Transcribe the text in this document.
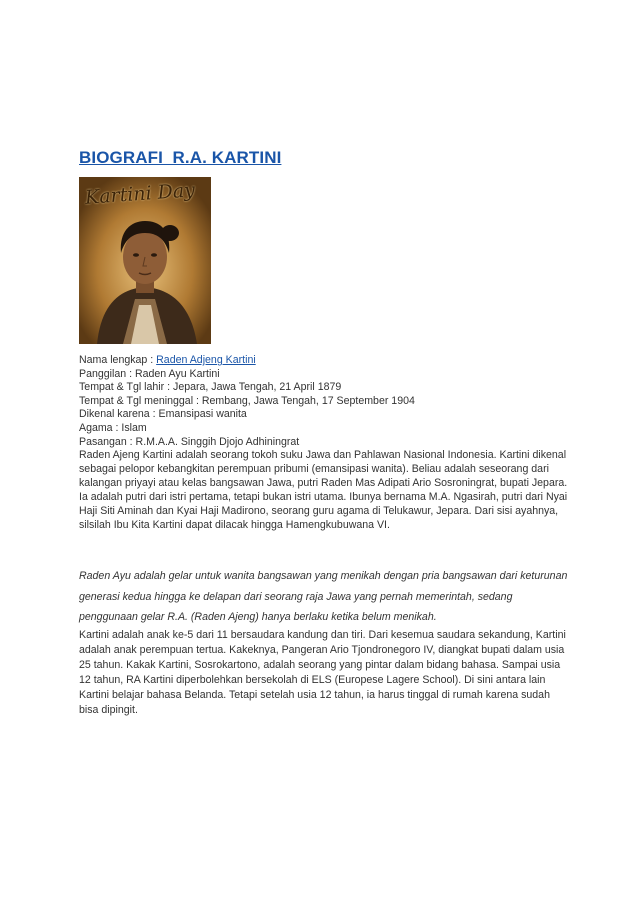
BIOGRAFI  R.A. KARTINI
Kartini Day
Nama lengkap : Raden Adjeng Kartini
Panggilan : Raden Ayu Kartini
Tempat & Tgl lahir : Jepara, Jawa Tengah, 21 April 1879
Tempat & Tgl meninggal : Rembang, Jawa Tengah, 17 September 1904
Dikenal karena : Emansipasi wanita
Agama : Islam
Pasangan : R.M.A.A. Singgih Djojo Adhiningrat

Raden Ajeng Kartini adalah seorang tokoh suku Jawa dan Pahlawan Nasional Indonesia. Kartini dikenal sebagai pelopor kebangkitan perempuan pribumi (emansipasi wanita). Beliau adalah seseorang dari kalangan priyayi atau kelas bangsawan Jawa, putri Raden Mas Adipati Ario Sosroningrat, bupati Jepara. Ia adalah putri dari istri pertama, tetapi bukan istri utama. Ibunya bernama M.A. Ngasirah, putri dari Nyai Haji Siti Aminah dan Kyai Haji Madirono, seorang guru agama di Telukawur, Jepara. Dari sisi ayahnya, silsilah Ibu Kita Kartini dapat dilacak hingga Hamengkubuwana VI.

Raden Ayu adalah gelar untuk wanita bangsawan yang menikah dengan pria bangsawan dari keturunan generasi kedua hingga ke delapan dari seorang raja Jawa yang pernah memerintah, sedang penggunaan gelar R.A. (Raden Ajeng) hanya berlaku ketika belum menikah.

Kartini adalah anak ke-5 dari 11 bersaudara kandung dan tiri. Dari kesemua saudara sekandung, Kartini adalah anak perempuan tertua. Kakeknya, Pangeran Ario Tjondronegoro IV, diangkat bupati dalam usia 25 tahun. Kakak Kartini, Sosrokartono, adalah seorang yang pintar dalam bidang bahasa. Sampai usia 12 tahun, RA Kartini diperbolehkan bersekolah di ELS (Europese Lagere School). Di sini antara lain Kartini belajar bahasa Belanda. Tetapi setelah usia 12 tahun, ia harus tinggal di rumah karena sudah bisa dipingit.
